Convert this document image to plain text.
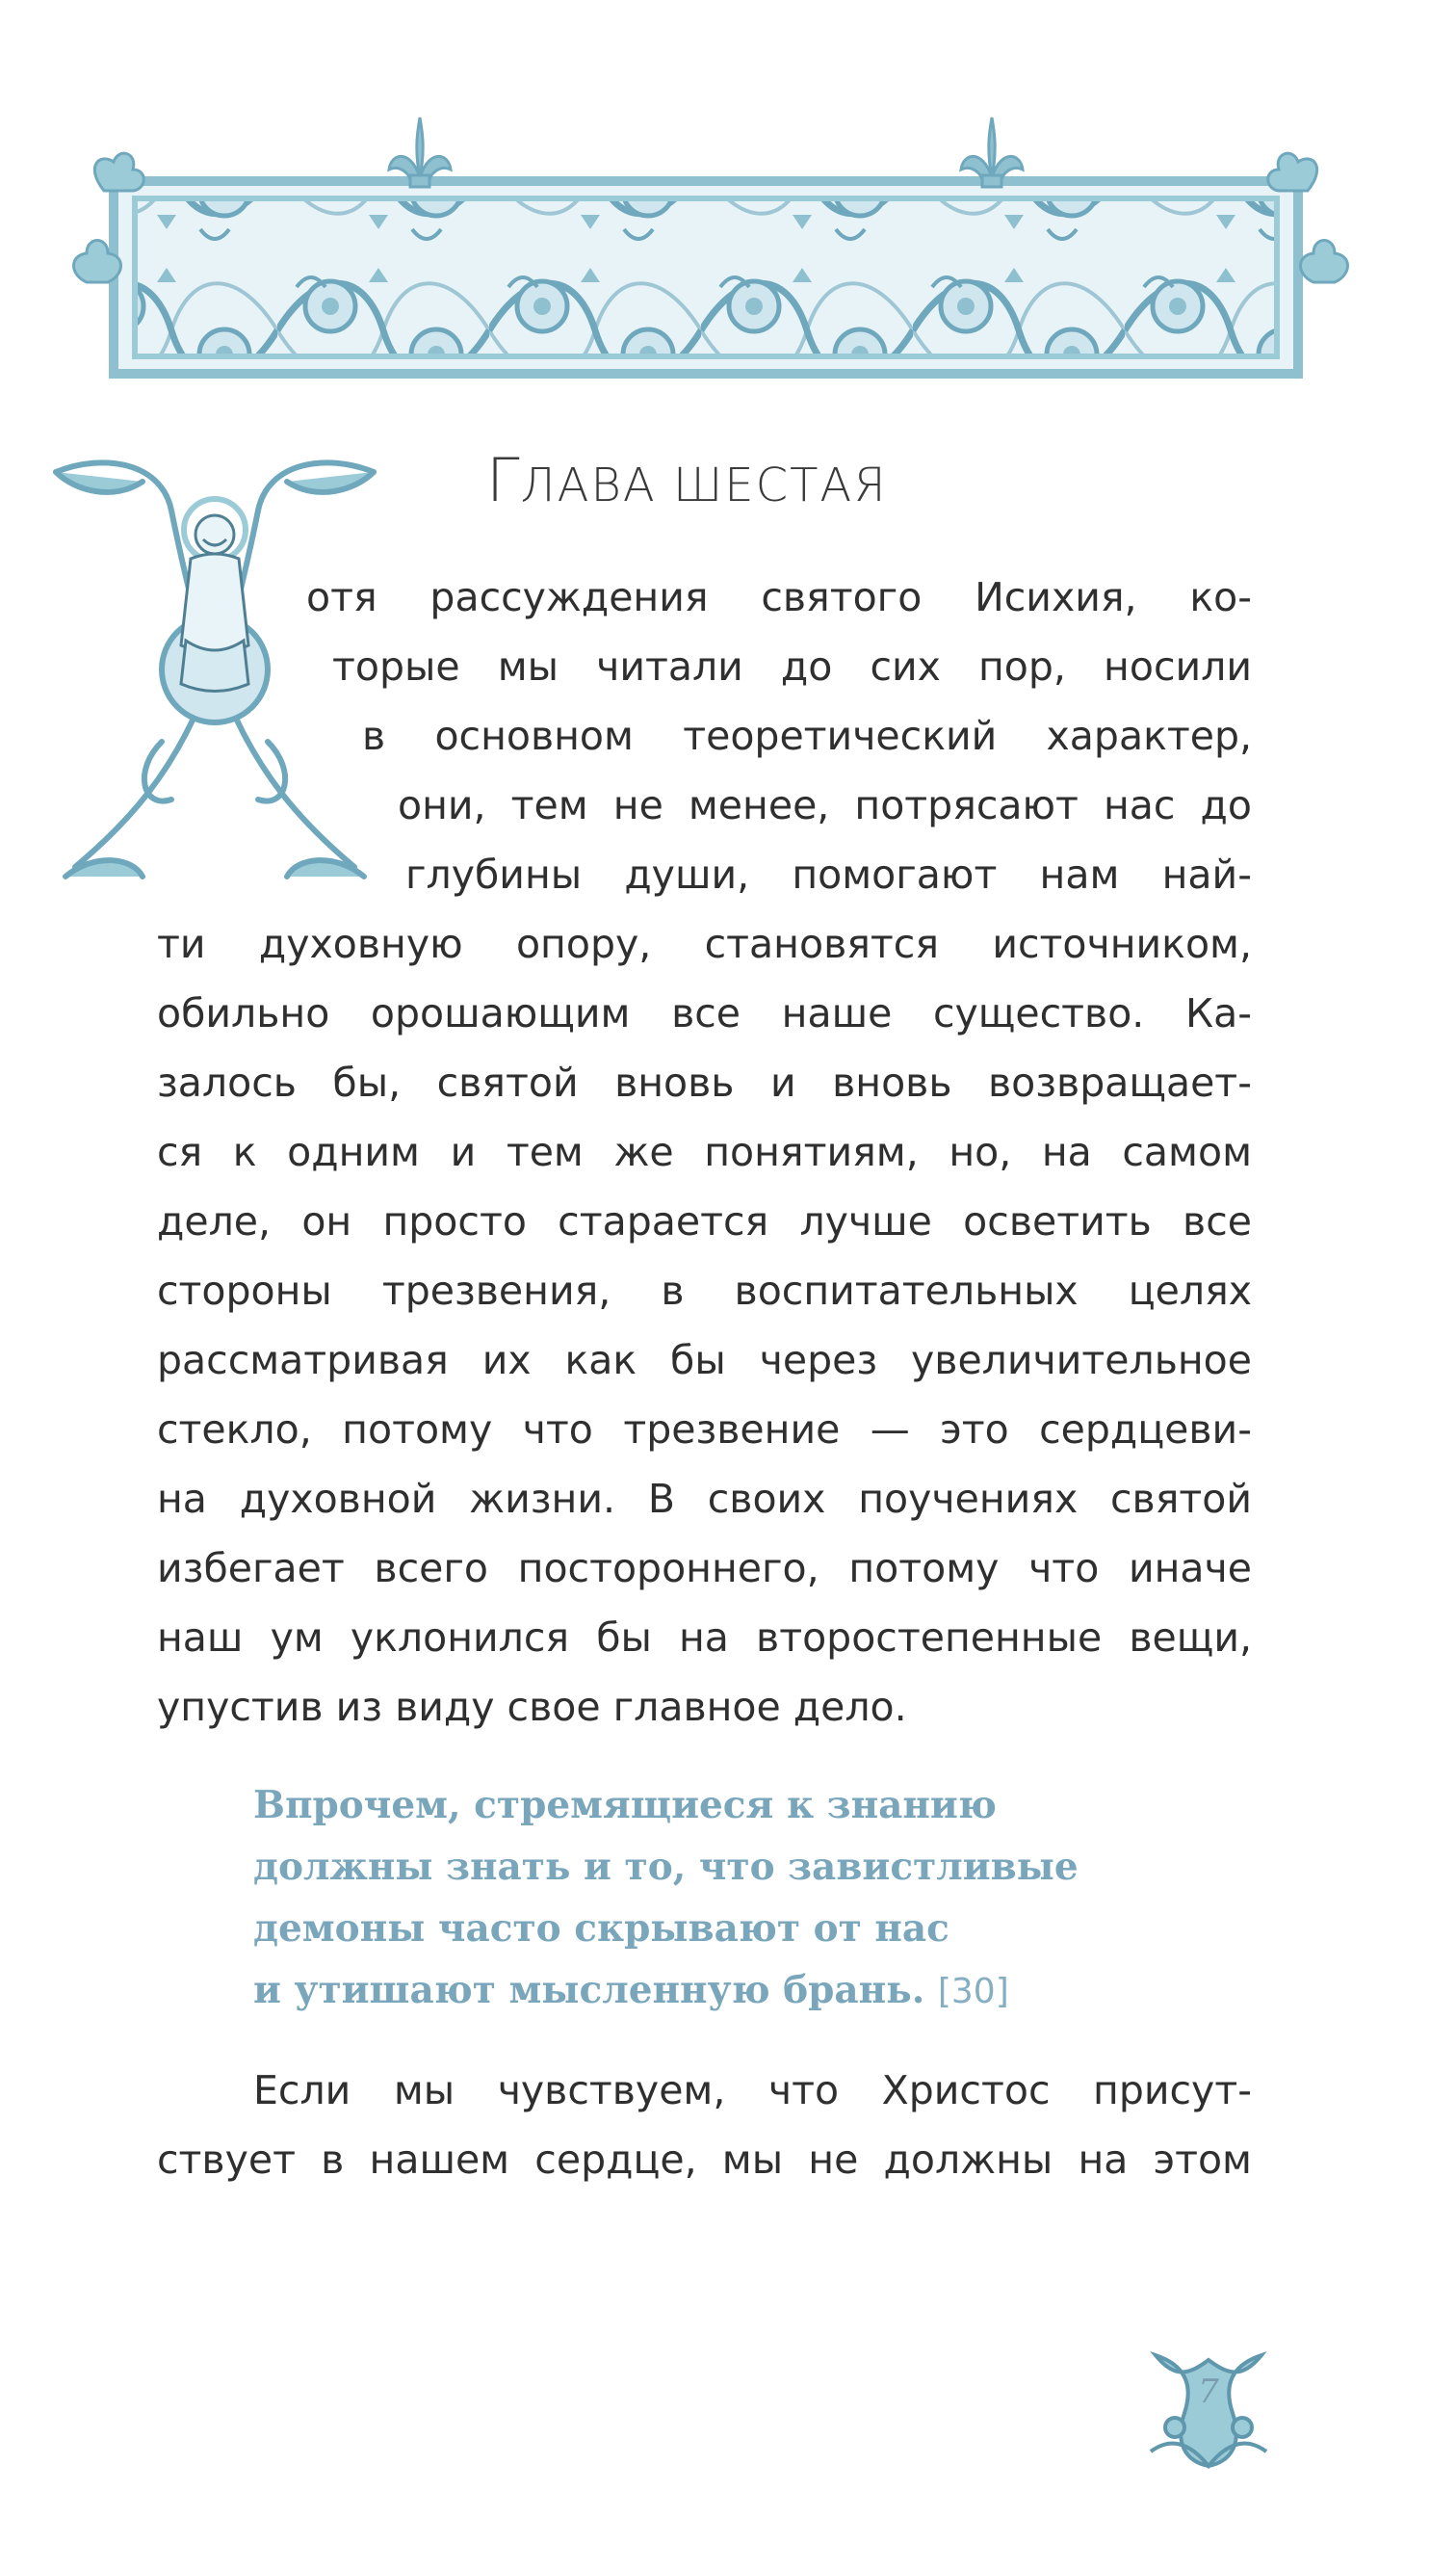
ГЛАВА ШЕСТАЯ

отя рассуждения святого Исихия, ко-

торые мы читали до сих пор, носили

в основном теоретический характер,

они, тем не менее, потрясают нас до

глубины души, помогают нам най-

ти духовную опору, становятся источником,

обильно орошающим все наше существо. Ка-

залось бы, святой вновь и вновь возвращает-

ся к одним и тем же понятиям, но, на самом

деле, он просто старается лучше осветить все

стороны трезвения, в воспитательных целях

рассматривая их как бы через увеличительное

стекло, потому что трезвение — это сердцеви-

на духовной жизни. В своих поучениях святой

избегает всего постороннего, потому что иначе

наш ум уклонился бы на второстепенные вещи,

упустив из виду свое главное дело.

Впрочем, стремящиеся к знанию

должны знать и то, что завистливые

демоны часто скрывают от нас

и утишают мысленную брань. [30]

Если мы чувствуем, что Христос присут-

ствует в нашем сердце, мы не должны на этом

7
